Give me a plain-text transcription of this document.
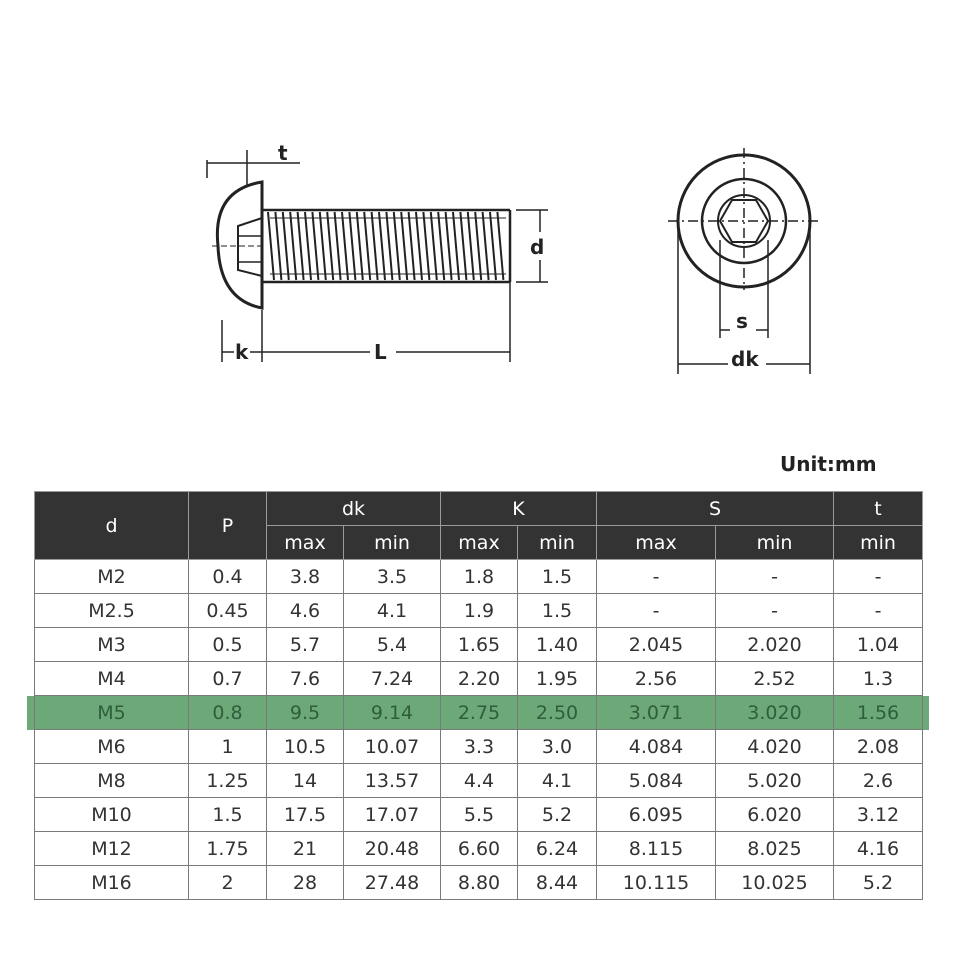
t
d
k	L
s
dk
Unit:mm
d	P	dk		K		S		t
		max	min	max	min	max	min	min
M2	0.4	3.8	3.5	1.8	1.5	-	-	-
M2.5	0.45	4.6	4.1	1.9	1.5	-	-	-
M3	0.5	5.7	5.4	1.65	1.40	2.045	2.020	1.04
M4	0.7	7.6	7.24	2.20	1.95	2.56	2.52	1.3
M5	0.8	9.5	9.14	2.75	2.50	3.071	3.020	1.56
M6	1	10.5	10.07	3.3	3.0	4.084	4.020	2.08
M8	1.25	14	13.57	4.4	4.1	5.084	5.020	2.6
M10	1.5	17.5	17.07	5.5	5.2	6.095	6.020	3.12
M12	1.75	21	20.48	6.60	6.24	8.115	8.025	4.16
M16	2	28	27.48	8.80	8.44	10.115	10.025	5.2
